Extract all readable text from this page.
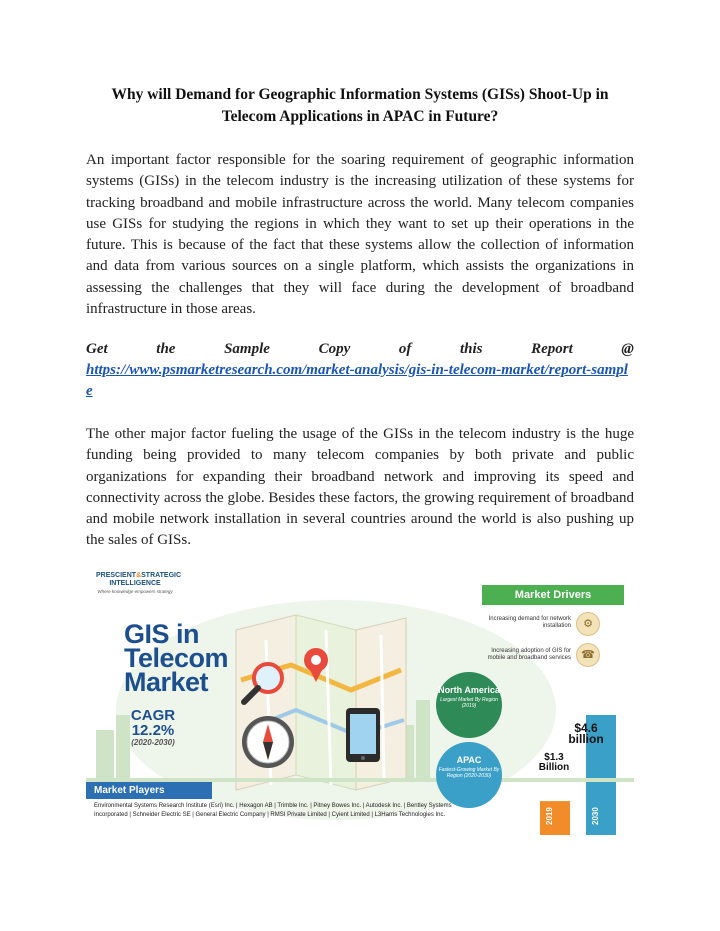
Why will Demand for Geographic Information Systems (GISs) Shoot-Up in Telecom Applications in APAC in Future?

An important factor responsible for the soaring requirement of geographic information systems (GISs) in the telecom industry is the increasing utilization of these systems for tracking broadband and mobile infrastructure across the world. Many telecom companies use GISs for studying the regions in which they want to set up their operations in the future. This is because of the fact that these systems allow the collection of information and data from various sources on a single platform, which assists the organizations in assessing the challenges that they will face during the development of broadband infrastructure in those areas.

Get	the	Sample	Copy	of	this	Report	@
https://www.psmarketresearch.com/market-analysis/gis-in-telecom-market/report-sample

The other major factor fueling the usage of the GISs in the telecom industry is the huge funding being provided to many telecom companies by both private and public organizations for expanding their broadband network and improving its speed and connectivity across the globe. Besides these factors, the growing requirement of broadband and mobile network installation in several countries around the world is also pushing up the sales of GISs.

PRESCIENT&STRATEGIC
INTELLIGENCE
Where knowledge empowers strategy
GIS in
Telecom
Market
CAGR
12.2%
(2020-2030)
Market Drivers
Increasing demand for network installation
Increasing adoption of GIS for mobile and broadband services
⚙
☎
North America
Largest Market By Region (2019)
APAC
Fastest-Growing Market By Region (2020-2030)
$1.3 Billion
$4.6 billion
2019	2030
Market Players
Environmental Systems Research Institute (Esri) Inc. | Hexagon AB | Trimble Inc. | Pitney Bowes Inc. | Autodesk Inc. | Bentley Systems Incorporated | Schneider Electric SE | General Electric Company | RMSI Private Limited | Cyient Limited | L3Harris Technologies Inc.
